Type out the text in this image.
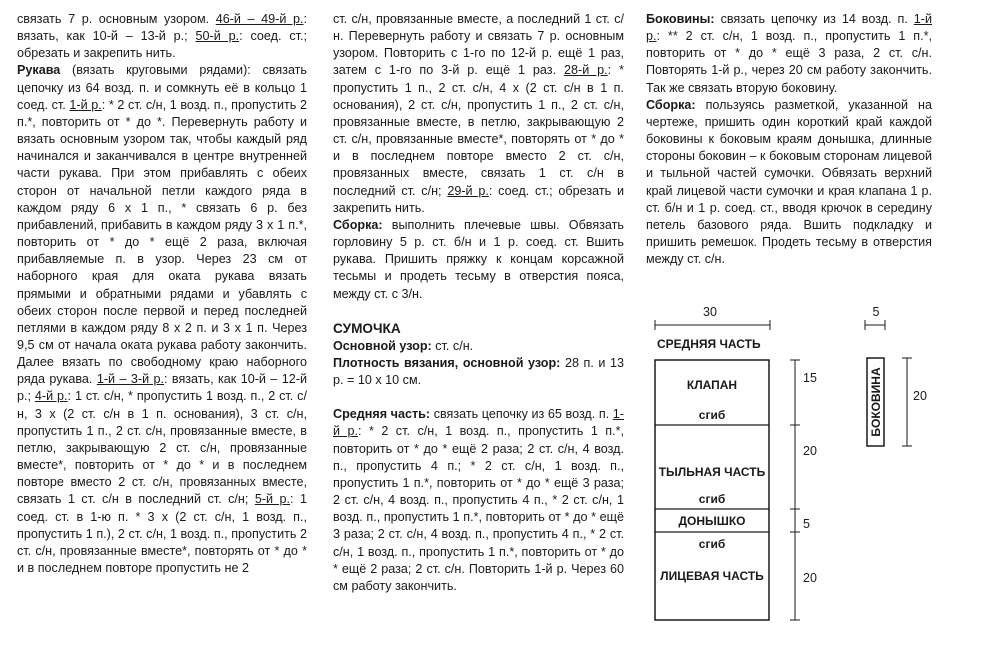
связать 7 р. основным узором. 46-й – 49-й р.: вязать, как 10-й – 13-й р.; 50-й р.: соед. ст.; обрезать и закрепить нить.

Рукава (вязать круговыми рядами): связать цепочку из 64 возд. п. и сомкнуть её в кольцо 1 соед. ст. 1-й р.: * 2 ст. с/н, 1 возд. п., пропустить 2 п.*, повторить от * до *. Перевернуть работу и вязать основным узором так, чтобы каждый ряд начинался и заканчивался в центре внутренней части рукава. При этом прибавлять с обеих сторон от начальной петли каждого ряда в каждом ряду 6 х 1 п., * связать 6 р. без прибавлений, прибавить в каждом ряду 3 х 1 п.*, повторить от * до * ещё 2 раза, включая прибавляемые п. в узор. Через 23 см от наборного края для оката рукава вязать прямыми и обратными рядами и убавлять с обеих сторон после первой и перед последней петлями в каждом ряду 8 х 2 п. и 3 х 1 п. Через 9,5 см от начала оката рукава работу закончить. Далее вязать по свободному краю наборного ряда рукава. 1-й – 3-й р.: вязать, как 10-й – 12-й р.; 4-й р.: 1 ст. с/н, * пропустить 1 возд. п., 2 ст. с/н, 3 х (2 ст. с/н в 1 п. основания), 3 ст. с/н, пропустить 1 п., 2 ст. с/н, провязанные вместе, в петлю, закрывающую 2 ст. с/н, провязанные вместе*, повторить от * до * и в последнем повторе вместо 2 ст. с/н, провязанных вместе, связать 1 ст. с/н в последний ст. с/н; 5-й р.: 1 соед. ст. в 1-ю п. * 3 х (2 ст. с/н, 1 возд. п., пропустить 1 п.), 2 ст. с/н, 1 возд. п., пропустить 2 ст. с/н, провязанные вместе*, повторять от * до * и в последнем повторе пропустить не 2

ст. с/н, провязанные вместе, а последний 1 ст. с/н. Перевернуть работу и связать 7 р. основным узором. Повторить с 1-го по 12-й р. ещё 1 раз, затем с 1-го по 3-й р. ещё 1 раз. 28-й р.: * пропустить 1 п., 2 ст. с/н, 4 х (2 ст. с/н в 1 п. основания), 2 ст. с/н, пропустить 1 п., 2 ст. с/н, провязанные вместе, в петлю, закрывающую 2 ст. с/н, провязанные вместе*, повторять от * до * и в последнем повторе вместо 2 ст. с/н, провязанных вместе, связать 1 ст. с/н в последний ст. с/н; 29-й р.: соед. ст.; обрезать и закрепить нить.

Сборка: выполнить плечевые швы. Обвязать горловину 5 р. ст. б/н и 1 р. соед. ст. Вшить рукава. Пришить пряжку к концам корсажной тесьмы и продеть тесьму в отверстия пояса, между ст. с 3/н.

СУМОЧКА

Основной узор: ст. с/н.

Плотность вязания, основной узор: 28 п. и 13 р. = 10 х 10 см.

Средняя часть: связать цепочку из 65 возд. п. 1-й р.: * 2 ст. с/н, 1 возд. п., пропустить 1 п.*, повторить от * до * ещё 2 раза; 2 ст. с/н, 4 возд. п., пропустить 4 п.; * 2 ст. с/н, 1 возд. п., пропустить 1 п.*, повторить от * до * ещё 3 раза; 2 ст. с/н, 4 возд. п., пропустить 4 п., * 2 ст. с/н, 1 возд. п., пропустить 1 п.*, повторить от * до * ещё 3 раза; 2 ст. с/н, 4 возд. п., пропустить 4 п., * 2 ст. с/н, 1 возд. п., пропустить 1 п.*, повторить от * до * ещё 2 раза; 2 ст. с/н. Повторить 1-й р. Через 60 см работу закончить.

Боковины: связать цепочку из 14 возд. п. 1-й р.: ** 2 ст. с/н, 1 возд. п., пропустить 1 п.*, повторить от * до * ещё 3 раза, 2 ст. с/н. Повторять 1-й р., через 20 см работу закончить. Так же связать вторую боковину.

Сборка: пользуясь разметкой, указанной на чертеже, пришить один короткий край каждой боковины к боковым краям донышка, длинные стороны боковин – к боковым сторонам лицевой и тыльной частей сумочки. Обвязать верхний край лицевой части сумочки и края клапана 1 р. ст. б/н и 1 р. соед. ст., вводя крючок в середину петель базового ряда. Вшить подкладку и пришить ремешок. Продеть тесьму в отверстия между ст. с/н.

30
СРЕДНЯЯ ЧАСТЬ
КЛАПАН
сгиб
ТЫЛЬНАЯ ЧАСТЬ
сгиб
ДОНЫШКО
сгиб
ЛИЦЕВАЯ ЧАСТЬ
15
20
5
20
5
БОКОВИНА 20
